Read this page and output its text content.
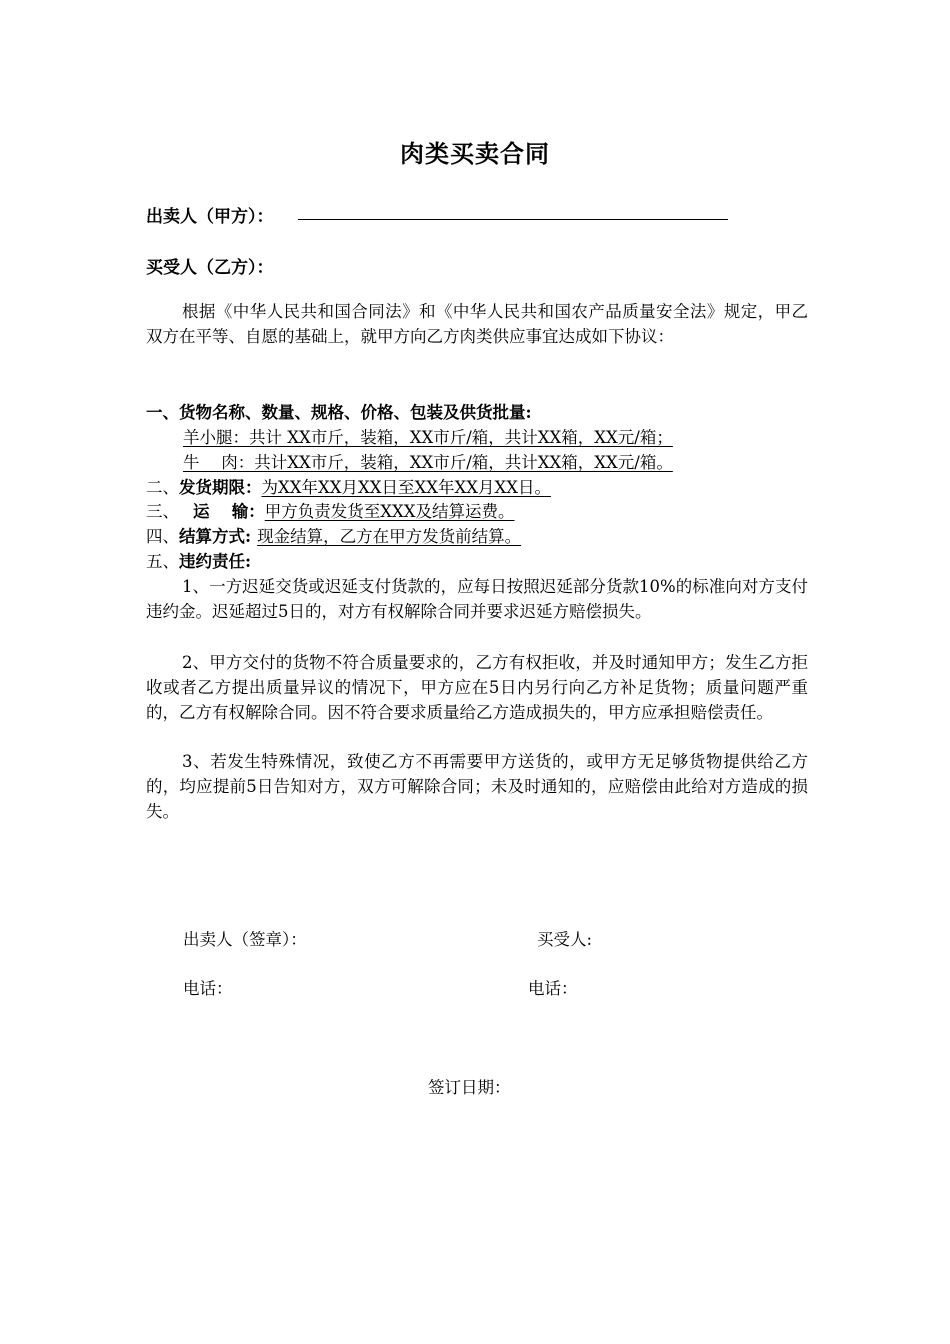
肉类买卖合同
出卖人（甲方）：
买受人（乙方）：
根据《中华人民共和国合同法》和《中华人民共和国农产品质量安全法》规定，甲乙双方在平等、自愿的基础上，就甲方向乙方肉类供应事宜达成如下协议：
一、货物名称、数量、规格、价格、包装及供货批量:
羊小腿：共计 XX市斤，装箱，XX市斤/箱，共计XX箱，XX元/箱；
牛　 肉：共计XX市斤，装箱，XX市斤/箱，共计XX箱，XX元/箱。
二、发货期限：为XX年XX月XX日至XX年XX月XX日。
三、 运　 输：甲方负责发货至XXX及结算运费。
四、结算方式: 现金结算，乙方在甲方发货前结算。
五、违约责任:
1、一方迟延交货或迟延支付货款的，应每日按照迟延部分货款10%的标准向对方支付违约金。迟延超过5日的，对方有权解除合同并要求迟延方赔偿损失。
2、甲方交付的货物不符合质量要求的，乙方有权拒收，并及时通知甲方；发生乙方拒收或者乙方提出质量异议的情况下，甲方应在5日内另行向乙方补足货物；质量问题严重的，乙方有权解除合同。因不符合要求质量给乙方造成损失的，甲方应承担赔偿责任。
3、若发生特殊情况，致使乙方不再需要甲方送货的，或甲方无足够货物提供给乙方的，均应提前5日告知对方，双方可解除合同；未及时通知的，应赔偿由此给对方造成的损失。
出卖人（签章）：	买受人:
电话：	电话：
签订日期：
